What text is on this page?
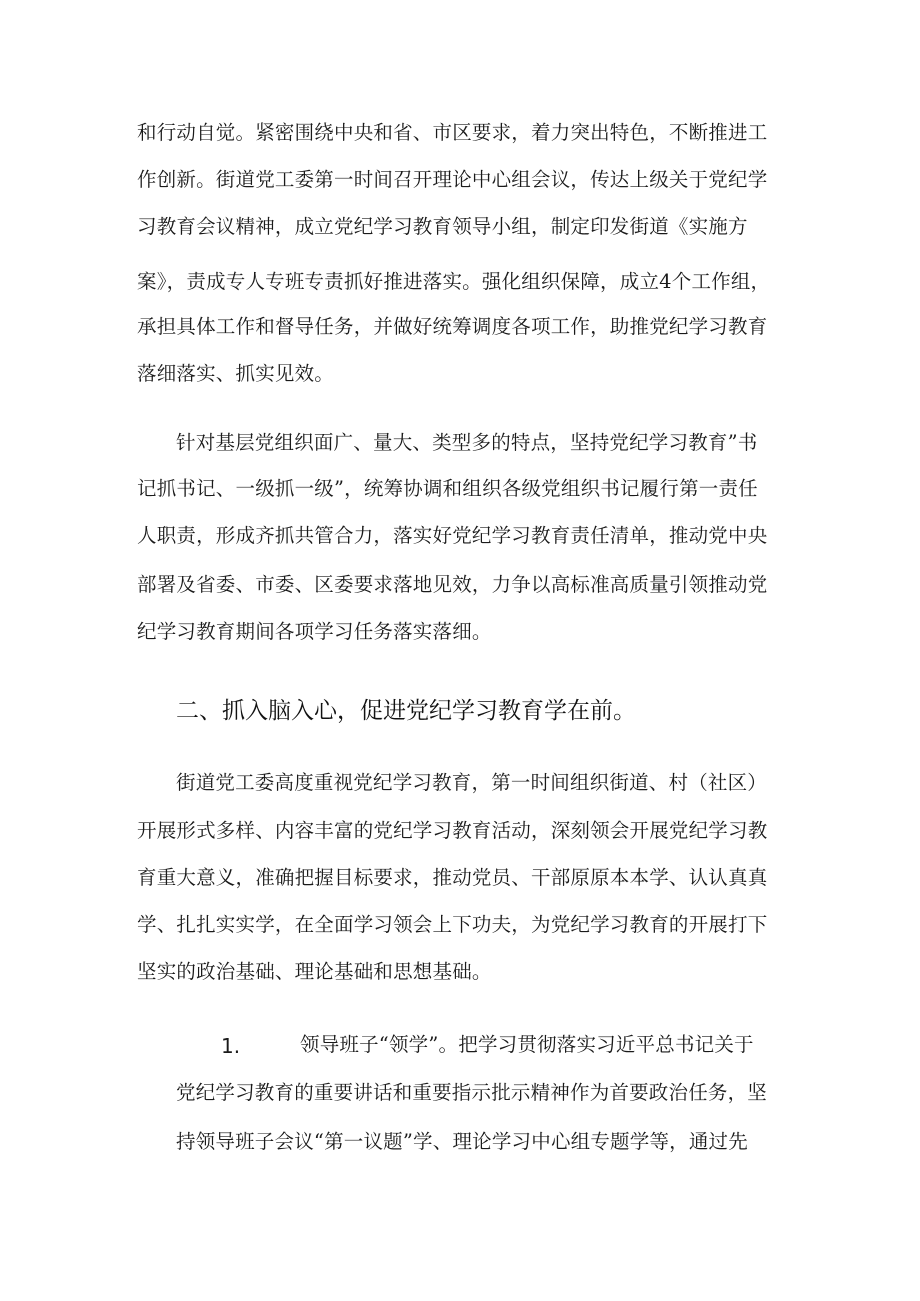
和行动自觉。紧密围绕中央和省、市区要求，着力突出特色，不断推进工
作创新。街道党工委第一时间召开理论中心组会议，传达上级关于党纪学
习教育会议精神，成立党纪学习教育领导小组，制定印发街道《实施方
案》，责成专人专班专责抓好推进落实。强化组织保障，成立4个工作组，
承担具体工作和督导任务，并做好统筹调度各项工作，助推党纪学习教育
落细落实、抓实见效。
针对基层党组织面广、量大、类型多的特点，坚持党纪学习教育”书
记抓书记、一级抓一级”，统筹协调和组织各级党组织书记履行第一责任
人职责，形成齐抓共管合力，落实好党纪学习教育责任清单，推动党中央
部署及省委、市委、区委要求落地见效，力争以高标准高质量引领推动党
纪学习教育期间各项学习任务落实落细。
二、抓入脑入心，促进党纪学习教育学在前。
街道党工委高度重视党纪学习教育，第一时间组织街道、村（社区）
开展形式多样、内容丰富的党纪学习教育活动，深刻领会开展党纪学习教
育重大意义，准确把握目标要求，推动党员、干部原原本本学、认认真真
学、扎扎实实学，在全面学习领会上下功夫，为党纪学习教育的开展打下
坚实的政治基础、理论基础和思想基础。
1.	领导班子“领学”。把学习贯彻落实习近平总书记关于
党纪学习教育的重要讲话和重要指示批示精神作为首要政治任务，坚
持领导班子会议“第一议题”学、理论学习中心组专题学等，通过先
